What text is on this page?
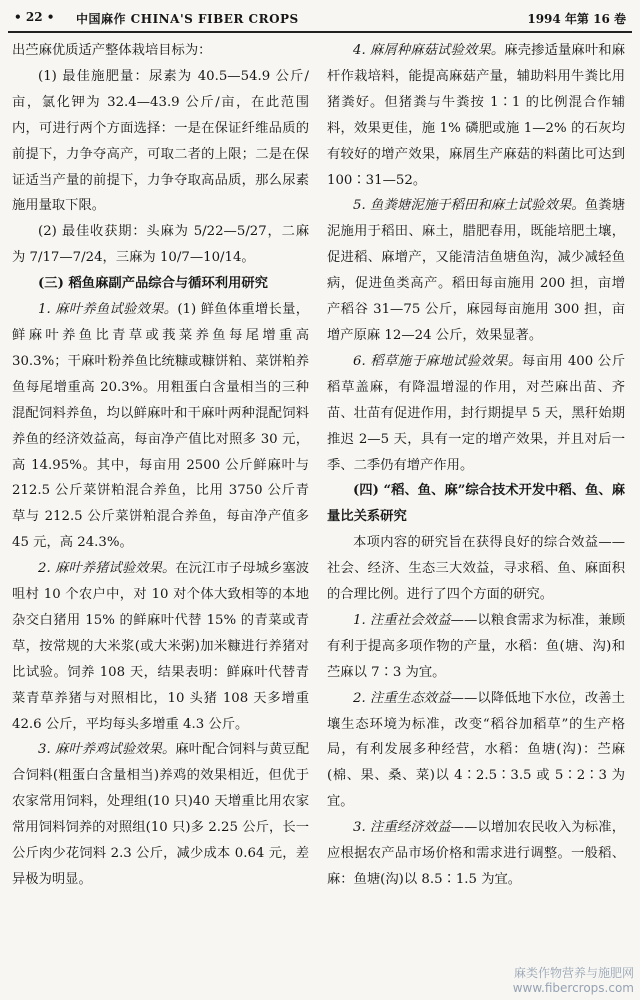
• 22 • 中国麻作 CHINA'S FIBER CROPS	1994 年第 16 卷

出苎麻优质适产整体栽培目标为：

(1) 最佳施肥量：尿素为 40.5—54.9 公斤/亩，氯化钾为 32.4—43.9 公斤/亩，在此范围内，可进行两个方面选择：一是在保证纤维品质的前提下，力争夺高产，可取二者的上限；二是在保证适当产量的前提下，力争夺取高品质，那么尿素施用量取下限。

(2) 最佳收获期：头麻为 5/22—5/27，二麻为 7/17—7/24，三麻为 10/7—10/14。

(三) 稻鱼麻副产品综合与循环利用研究

1. 麻叶养鱼试验效果。(1) 鲜鱼体重增长量，鲜麻叶养鱼比青草或莪菜养鱼每尾增重高 30.3%；干麻叶粉养鱼比统糠或糠饼粕、菜饼粕养鱼每尾增重高 20.3%。用粗蛋白含量相当的三种混配饲料养鱼，均以鲜麻叶和干麻叶两种混配饲料养鱼的经济效益高，每亩净产值比对照多 30 元，高 14.95%。其中，每亩用 2500 公斤鲜麻叶与 212.5 公斤菜饼粕混合养鱼，比用 3750 公斤青草与 212.5 公斤菜饼粕混合养鱼，每亩净产值多 45 元，高 24.3%。

2. 麻叶养猪试验效果。在沅江市子母城乡塞波咀村 10 个农户中，对 10 对个体大致相等的本地杂交白猪用 15% 的鲜麻叶代替 15% 的青菜或青草，按常规的大米浆(或大米粥)加米糠进行养猪对比试验。饲养 108 天，结果表明：鲜麻叶代替青菜青草养猪与对照相比，10 头猪 108 天多增重 42.6 公斤，平均每头多增重 4.3 公斤。

3. 麻叶养鸡试验效果。麻叶配合饲料与黄豆配合饲料(粗蛋白含量相当)养鸡的效果相近，但优于农家常用饲料，处理组(10 只)40 天增重比用农家常用饲料饲养的对照组(10 只)多 2.25 公斤，长一公斤肉少花饲料 2.3 公斤，减少成本 0.64 元，差异极为明显。

4. 麻屑种麻菇试验效果。麻壳掺适量麻叶和麻杆作栽培料，能提高麻菇产量，辅助料用牛粪比用猪粪好。但猪粪与牛粪按 1∶1 的比例混合作辅料，效果更佳，施 1% 磷肥或施 1—2% 的石灰均有较好的增产效果，麻屑生产麻菇的料菌比可达到 100∶31—52。

5. 鱼粪塘泥施于稻田和麻土试验效果。鱼粪塘泥施用于稻田、麻土，腊肥春用，既能培肥土壤，促进稻、麻增产，又能清洁鱼塘鱼沟，减少减轻鱼病，促进鱼类高产。稻田每亩施用 200 担，亩增产稻谷 31—75 公斤，麻园每亩施用 300 担，亩增产原麻 12—24 公斤，效果显著。

6. 稻草施于麻地试验效果。每亩用 400 公斤稻草盖麻，有降温增湿的作用，对苎麻出苗、齐苗、壮苗有促进作用，封行期提早 5 天，黑秆始期推迟 2—5 天，具有一定的增产效果，并且对后一季、二季仍有增产作用。

(四) “稻、鱼、麻”综合技术开发中稻、鱼、麻量比关系研究

本项内容的研究旨在获得良好的综合效益——社会、经济、生态三大效益，寻求稻、鱼、麻面积的合理比例。进行了四个方面的研究。

1. 注重社会效益——以粮食需求为标准，兼顾有利于提高多项作物的产量，水稻：鱼(塘、沟)和苎麻以 7∶3 为宜。

2. 注重生态效益——以降低地下水位，改善土壤生态环境为标准，改变“稻谷加稻草”的生产格局，有利发展多种经营，水稻：鱼塘(沟)：苎麻(棉、果、桑、菜)以 4∶2.5∶3.5 或 5∶2∶3 为宜。

3. 注重经济效益——以增加农民收入为标准，应根据农产品市场价格和需求进行调整。一般稻、麻：鱼塘(沟)以 8.5∶1.5 为宜。

麻类作物营养与施肥网
www.fibercrops.com
